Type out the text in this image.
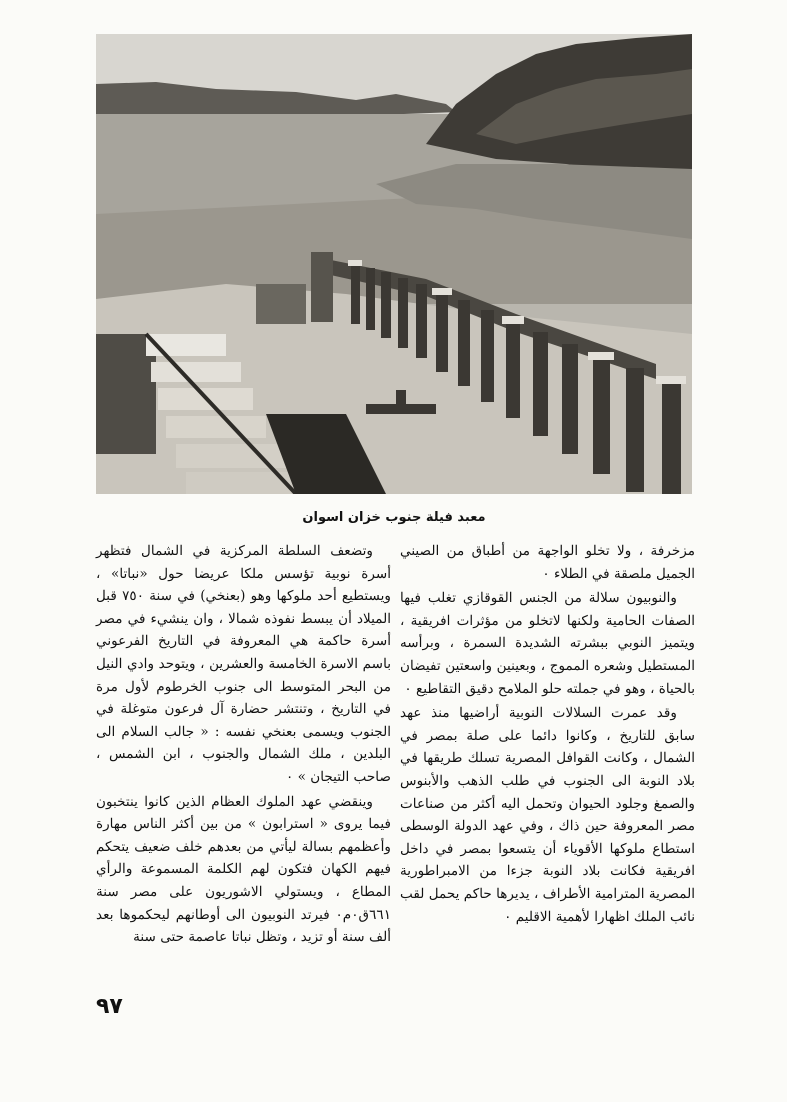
معبد فيلة جنوب خزان اسوان

مزخرفة ، ولا تخلو الواجهة من أطباق من الصيني الجميل ملصقة في الطلاء ٠

والنوبيون سلالة من الجنس القوقازي تغلب فيها الصفات الحامية ولكنها لاتخلو من مؤثرات افريقية ، ويتميز النوبي ببشرته الشديدة السمرة ، وبرأسه المستطيل وشعره المموج ، وبعينين واسعتين تفيضان بالحياة ، وهو في جملته حلو الملامح دقيق التقاطيع ٠

وقد عمرت السلالات النوبية أراضيها منذ عهد سابق للتاريخ ، وكانوا دائما على صلة بمصر في الشمال ، وكانت القوافل المصرية تسلك طريقها في بلاد النوبة الى الجنوب في طلب الذهب والأبنوس والصمغ وجلود الحيوان وتحمل اليه أكثر من صناعات مصر المعروفة حين ذاك ، وفي عهد الدولة الوسطى استطاع ملوكها الأقوياء أن يتسعوا بمصر في داخل افريقية فكانت بلاد النوبة جزءا من الامبراطورية المصرية المترامية الأطراف ، يديرها حاكم يحمل لقب نائب الملك اظهارا لأهمية الاقليم ٠

وتضعف السلطة المركزية في الشمال فتظهر أسرة نوبية تؤسس ملكا عريضا حول «نباتا» ، ويستطيع أحد ملوكها وهو (بعنخي) في سنة ٧٥٠ قبل الميلاد أن يبسط نفوذه شمالا ، وان ينشيء في مصر أسرة حاكمة هي المعروفة في التاريخ الفرعوني باسم الاسرة الخامسة والعشرين ، ويتوحد وادي النيل من البحر المتوسط الى جنوب الخرطوم لأول مرة في التاريخ ، وتنتشر حضارة آل فرعون متوغلة في الجنوب ويسمى بعنخي نفسه : « جالب السلام الى البلدين ، ملك الشمال والجنوب ، ابن الشمس ، صاحب التيجان » ٠

وينقضي عهد الملوك العظام الذين كانوا ينتخبون فيما يروى « استرابون » من بين أكثر الناس مهارة وأعظمهم بسالة ليأتي من بعدهم خلف ضعيف يتحكم فيهم الكهان فتكون لهم الكلمة المسموعة والرأي المطاع ، ويستولي الاشوريون على مصر سنة ٦٦١ق٠م٠ فيرتد النوبيون الى أوطانهم ليحكموها بعد ألف سنة أو تزيد ، وتظل نباتا عاصمة حتى سنة

٩٧
